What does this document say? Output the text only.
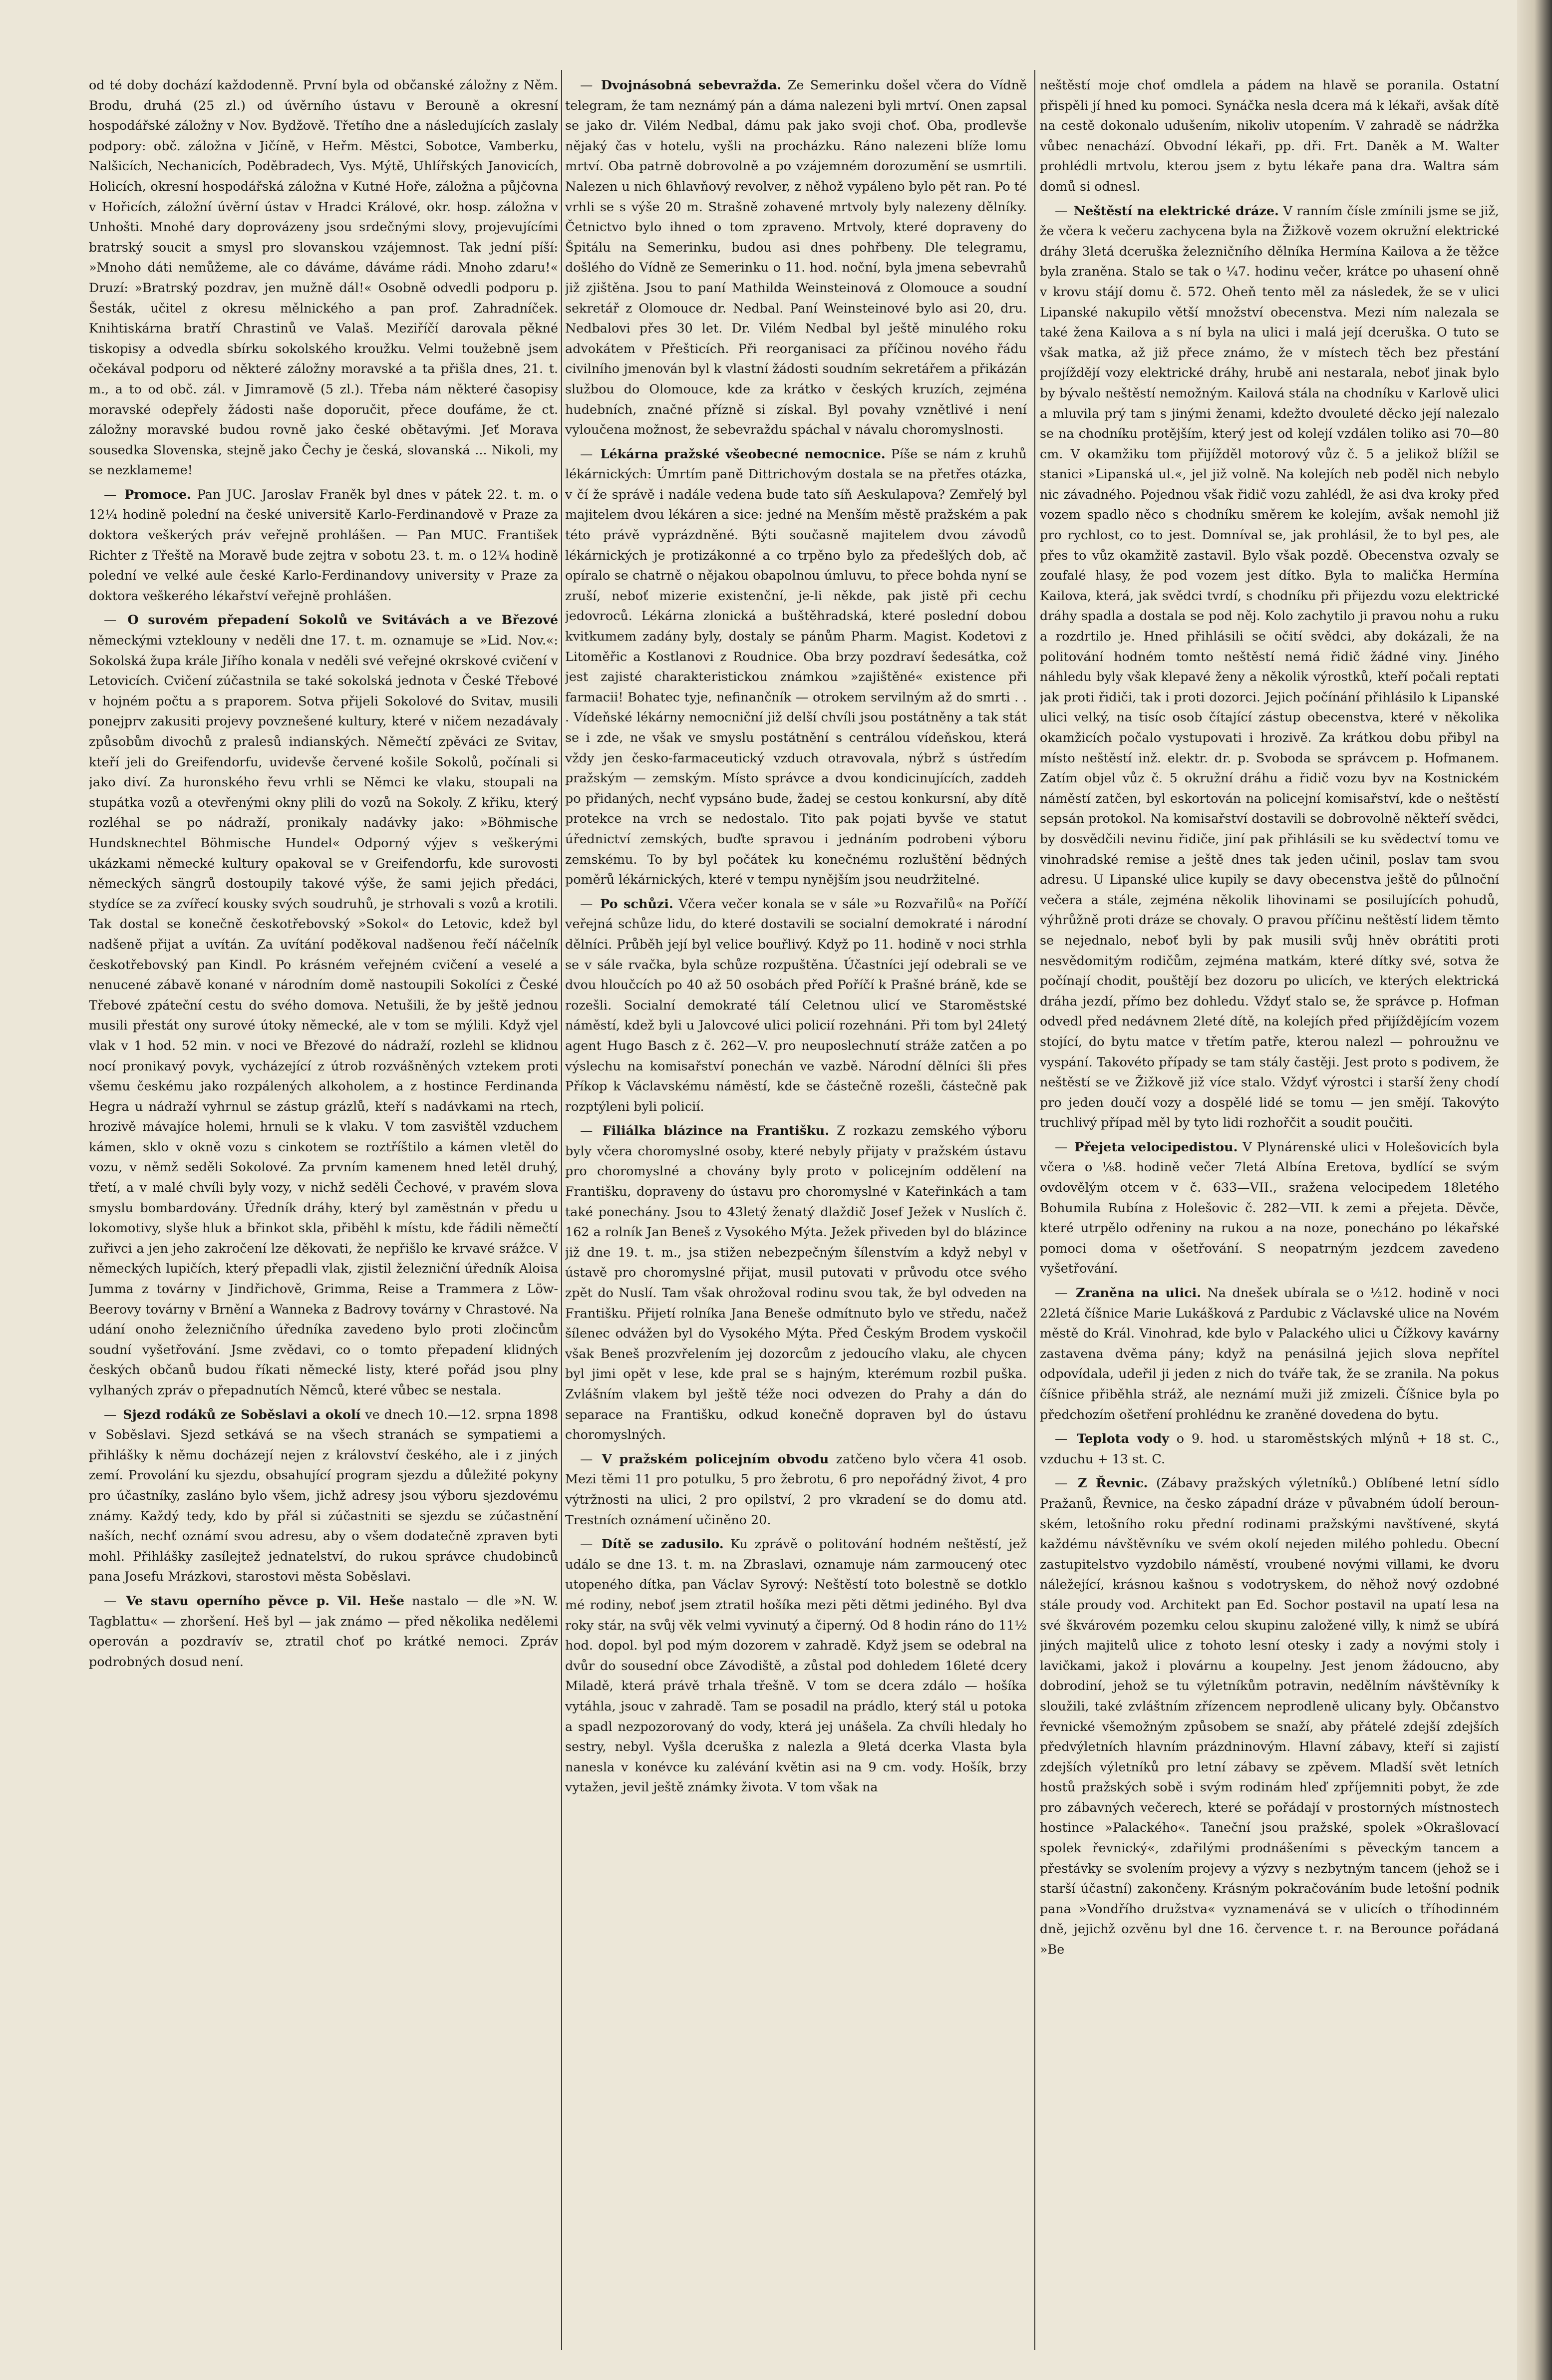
od té doby dochází každodenně. První byla od občanské záložny z Něm. Brodu, druhá (25 zl.) od úvěrního ústavu v Berouně a okresní hospodářské záložny v Nov. Bydžově. Třetího dne a následujících zaslaly podpory: obč. záložna v Jičíně, v Heřm. Městci, Sobotce, Vamberku, Nalšicích, Nechanicích, Poděbradech, Vys. Mýtě, Uhlířských Janovicích, Holicích, okresní hospodářská záložna v Kutné Hoře, záložna a půjčovna v Hořicích, záložní úvěrní ústav v Hradci Králové, okr. hosp. záložna v Unhošti. Mnohé dary doprovázeny jsou srdečnými slovy, projevujícími bratrský soucit a smysl pro slovanskou vzájemnost. Tak jední píší: »Mnoho dáti nemůžeme, ale co dáváme, dáváme rádi. Mnoho zdaru!« Druzí: »Bratrský pozdrav, jen mužně dál!« Osobně odvedli podporu p. Šesták, učitel z okresu mělnického a pan prof. Zahradníček. Knihtiskárna bratří Chrastinů ve Valaš. Meziříčí darovala pěkné tiskopisy a odvedla sbírku sokolského kroužku. Velmi toužebně jsem očekával podporu od některé záložny moravské a ta přišla dnes, 21. t. m., a to od obč. zál. v Jimramově (5 zl.). Třeba nám některé časopisy moravské odepřely žádosti naše doporučit, přece doufáme, že ct. záložny moravské budou rovně jako české obětavými. Jeť Morava sousedka Slovenska, stejně jako Čechy je česká, slovanská ... Nikoli, my se nezklameme!

— Promoce. Pan JUC. Jaroslav Franěk byl dnes v pátek 22. t. m. o 12¼ hodině polední na české universitě Karlo-Ferdinandově v Praze za doktora veškerých práv veřejně prohlášen. — Pan MUC. František Richter z Třeště na Moravě bude zejtra v sobotu 23. t. m. o 12¼ hodině polední ve velké aule české Karlo-Ferdinandovy university v Praze za doktora veškerého lékařství veřejně prohlášen.

— O surovém přepadení Sokolů ve Svitávách a ve Březové německými vzteklouny v neděli dne 17. t. m. oznamuje se »Lid. Nov.«: Sokolská župa krále Jiřího konala v neděli své veřejné okrskové cvičení v Letovicích. Cvičení zúčastnila se také sokolská jednota v České Třebové v hojném počtu a s praporem. Sotva přijeli Sokolové do Svitav, musili ponejprv zakusiti projevy povznešené kultury, které v ničem nezadávaly způsobům divochů z pralesů indianských. Němečtí zpěváci ze Svitav, kteří jeli do Greifendorfu, uvidevše červené košile Sokolů, počínali si jako diví. Za huronského řevu vrhli se Němci ke vlaku, stoupali na stupátka vozů a otevřenými okny plili do vozů na Sokoly. Z křiku, který rozléhal se po nádraží, pronikaly nadávky jako: »Böhmische Hundsknechtel Böhmische Hundel« Odporný výjev s veškerými ukázkami německé kultury opakoval se v Greifendorfu, kde surovosti německých sängrů dostoupily takové výše, že sami jejich předáci, stydíce se za zvířecí kousky svých soudruhů, je strhovali s vozů a krotili. Tak dostal se konečně českotřebovský »Sokol« do Letovic, kdež byl nadšeně přijat a uvítán. Za uvítání poděkoval nadšenou řečí náčelník českotřebovský pan Kindl. Po krásném veřejném cvičení a veselé a nenucené zábavě konané v národním domě nastoupili Sokolíci z České Třebové zpáteční cestu do svého domova. Netušili, že by ještě jednou musili přestát ony surové útoky německé, ale v tom se mýlili. Když vjel vlak v 1 hod. 52 min. v noci ve Březové do nádraží, rozlehl se klidnou nocí pronikavý povyk, vycházející z útrob rozvášněných vztekem proti všemu českému jako rozpálených alkoholem, a z hostince Ferdinanda Hegra u nádraží vyhrnul se zástup grázlů, kteří s nadávkami na rtech, hrozivě mávajíce holemi, hrnuli se k vlaku. V tom zasvištěl vzduchem kámen, sklo v okně vozu s cinkotem se roztříštilo a kámen vletěl do vozu, v němž seděli Sokolové. Za prvním kamenem hned letěl druhý, třetí, a v malé chvíli byly vozy, v nichž seděli Čechové, v pravém slova smyslu bombardovány. Úředník dráhy, který byl zaměstnán v předu u lokomotivy, slyše hluk a břinkot skla, přiběhl k místu, kde řádili němečtí zuřivci a jen jeho zakročení lze děkovati, že nepřišlo ke krvavé srážce. V německých lupičích, který přepadli vlak, zjistil železniční úředník Aloisa Jumma z továrny v Jindřichově, Grimma, Reise a Trammera z Löw-Beerovy továrny v Brnění a Wanneka z Badrovy továrny v Chrastové. Na udání onoho železničního úředníka zavedeno bylo proti zločincům soudní vyšetřování. Jsme zvědavi, co o tomto přepadení klidných českých občanů budou říkati německé listy, které pořád jsou plny vylhaných zpráv o přepadnutích Němců, které vůbec se nestala.

— Sjezd rodáků ze Soběslavi a okolí ve dnech 10.—12. srpna 1898 v Soběslavi. Sjezd setkává se na všech stranách se sympatiemi a přihlášky k němu docházejí nejen z království českého, ale i z jiných zemí. Provolání ku sjezdu, obsahující program sjezdu a důležité pokyny pro účastníky, zasláno bylo všem, jichž adresy jsou výboru sjezdovému známy. Každý tedy, kdo by přál si zúčastniti se sjezdu se zúčastnění naších, nechť oznámí svou adresu, aby o všem dodatečně zpraven byti mohl. Přihlášky zasílejtež jednatelství, do rukou správce chudobinců pana Josefu Mrázkovi, starostovi města Soběslavi.

— Ve stavu operního pěvce p. Vil. Heše nastalo — dle »N. W. Tagblattu« — zhoršení. Heš byl — jak známo — před několika nedělemi operován a pozdravív se, ztratil choť po krátké nemoci. Zpráv podrobných dosud není.

— Dvojnásobná sebevražda. Ze Semerinku došel včera do Vídně telegram, že tam neznámý pán a dáma nalezeni byli mrtví. Onen zapsal se jako dr. Vilém Nedbal, dámu pak jako svoji choť. Oba, prodlevše nějaký čas v hotelu, vyšli na procházku. Ráno nalezeni blíže lomu mrtví. Oba patrně dobrovolně a po vzájemném dorozumění se usmrtili. Nalezen u nich 6hlavňový revolver, z něhož vypáleno bylo pět ran. Po té vrhli se s výše 20 m. Strašně zohavené mrtvoly byly nalezeny dělníky. Četnictvo bylo ihned o tom zpraveno. Mrtvoly, které dopraveny do Špitálu na Semerinku, budou asi dnes pohřbeny. Dle telegramu, došlého do Vídně ze Semerinku o 11. hod. noční, byla jmena sebevrahů již zjištěna. Jsou to paní Mathilda Weinsteinová z Olomouce a soudní sekretář z Olomouce dr. Nedbal. Paní Weinsteinové bylo asi 20, dru. Nedbalovi přes 30 let. Dr. Vilém Nedbal byl ještě minulého roku advokátem v Přešticích. Při reorganisaci za příčinou nového řádu civilního jmenován byl k vlastní žádosti soudním sekretářem a přikázán službou do Olomouce, kde za krátko v českých kruzích, zejména hudebních, značné přízně si získal. Byl povahy vznětlivé i není vyloučena možnost, že sebevraždu spáchal v návalu choromyslnosti.

— Lékárna pražské všeobecné nemocnice. Píše se nám z kruhů lékárnických: Úmrtím paně Dittrichovým dostala se na přetřes otázka, v čí že správě i nadále vedena bude tato síň Aeskulapova? Zemřelý byl majitelem dvou lékáren a sice: jedné na Menším městě pražském a pak této právě vyprázdněné. Býti současně majitelem dvou závodů lékárnických je protizákonné a co trpěno bylo za předešlých dob, ač opíralo se chatrně o nějakou obapolnou úmluvu, to přece bohda nyní se zruší, neboť mizerie existenční, je-li někde, pak jistě při cechu jedovroců. Lékárna zlonická a buštěhradská, které poslední dobou kvitkumem zadány byly, dostaly se pánům Pharm. Magist. Kodetovi z Litoměřic a Kostlanovi z Roudnice. Oba brzy pozdraví šedesátka, což jest zajisté charakteristickou známkou »zajištěné« existence při farmacii! Bohatec tyje, nefinančník — otrokem servilným až do smrti . . . Vídeňské lékárny nemocniční již delší chvíli jsou postátněny a tak stát se i zde, ne však ve smyslu postátnění s centrálou vídeňskou, která vždy jen česko-farmaceutický vzduch otravovala, nýbrž s ústředím pražským — zemským. Místo správce a dvou kondicinujících, zaddeh po přidaných, nechť vypsáno bude, žadej se cestou konkursní, aby dítě protekce na vrch se nedostalo. Tito pak pojati byvše ve statut úřednictví zemských, buďte spravou i jednáním podrobeni výboru zemskému. To by byl počátek ku konečnému rozluštění bědných poměrů lékárnických, které v tempu nynějším jsou neudržitelné.

— Po schůzi. Včera večer konala se v sále »u Rozvařilů« na Poříčí veřejná schůze lidu, do které dostavili se socialní demokraté i národní dělníci. Průběh její byl velice bouřlivý. Když po 11. hodině v noci strhla se v sále rvačka, byla schůze rozpuštěna. Účastníci její odebrali se ve dvou hloučcích po 40 až 50 osobách před Poříčí k Prašné bráně, kde se rozešli. Socialní demokraté tálí Celetnou ulicí ve Staroměstské náměstí, kdež byli u Jalovcové ulici policií rozehnáni. Při tom byl 24letý agent Hugo Basch z č. 262—V. pro neuposlechnutí stráže zatčen a po výslechu na komisařství ponechán ve vazbě. Národní dělníci šli přes Příkop k Václavskému náměstí, kde se částečně rozešli, částečně pak rozptýleni byli policií.

— Filiálka blázince na Františku. Z rozkazu zemského výboru byly včera choromyslné osoby, které nebyly přijaty v pražském ústavu pro choromyslné a chovány byly proto v policejním oddělení na Františku, dopraveny do ústavu pro choromyslné v Kateřinkách a tam také ponechány. Jsou to 43letý ženatý dlaždič Josef Ježek v Nuslích č. 162 a rolník Jan Beneš z Vysokého Mýta. Ježek přiveden byl do blázince již dne 19. t. m., jsa stižen nebezpečným šílenstvím a když nebyl v ústavě pro choromyslné přijat, musil putovati v průvodu otce svého zpět do Nuslí. Tam však ohrožoval rodinu svou tak, že byl odveden na Františku. Přijetí rolníka Jana Beneše odmítnuto bylo ve středu, načež šílenec odvážen byl do Vysokého Mýta. Před Českým Brodem vyskočil však Beneš prozvřelením jej dozorcům z jedoucího vlaku, ale chycen byl jimi opět v lese, kde pral se s hajným, kterémum rozbil puška. Zvlášním vlakem byl ještě téže noci odvezen do Prahy a dán do separace na Františku, odkud konečně dopraven byl do ústavu choromyslných.

— V pražském policejním obvodu zatčeno bylo včera 41 osob. Mezi těmi 11 pro potulku, 5 pro žebrotu, 6 pro nepořádný život, 4 pro výtržnosti na ulici, 2 pro opilství, 2 pro vkradení se do domu atd. Trestních oznámení učiněno 20.

— Dítě se zadusilo. Ku zprávě o politování hodném neštěstí, jež událo se dne 13. t. m. na Zbraslavi, oznamuje nám zarmoucený otec utopeného dítka, pan Václav Syrový: Neštěstí toto bolestně se dotklo mé rodiny, neboť jsem ztratil hošíka mezi pěti dětmi jediného. Byl dva roky stár, na svůj věk velmi vyvinutý a čiperný. Od 8 hodin ráno do 11½ hod. dopol. byl pod mým dozorem v zahradě. Když jsem se odebral na dvůr do sousední obce Závodiště, a zůstal pod dohledem 16leté dcery Miladě, která právě trhala třešně. V tom se dcera zdálo — hošíka vytáhla, jsouc v zahradě. Tam se posadil na prádlo, který stál u potoka a spadl nezpozorovaný do vody, která jej unášela. Za chvíli hledaly ho sestry, nebyl. Vyšla dceruška z nalezla a 9letá dcerka Vlasta byla nanesla v konévce ku zalévání květin asi na 9 cm. vody. Hošík, brzy vytažen, jevil ještě známky života. V tom však na

neštěstí moje choť omdlela a pádem na hlavě se poranila. Ostatní přispěli jí hned ku pomoci. Synáčka nesla dcera má k lékaři, avšak dítě na cestě dokonalo udušením, nikoliv utopením. V zahradě se nádržka vůbec nenachází. Obvodní lékaři, pp. dři. Frt. Daněk a M. Walter prohlédli mrtvolu, kterou jsem z bytu lékaře pana dra. Waltra sám domů si odnesl.

— Neštěstí na elektrické dráze. V ranním čísle zmínili jsme se již, že včera k večeru zachycena byla na Žižkově vozem okružní elektrické dráhy 3letá dceruška železničního dělníka Hermína Kailova a že těžce byla zraněna. Stalo se tak o ¼7. hodinu večer, krátce po uhasení ohně v krovu stájí domu č. 572. Oheň tento měl za následek, že se v ulici Lipanské nakupilo větší množství obecenstva. Mezi ním nalezala se také žena Kailova a s ní byla na ulici i malá její dceruška. O tuto se však matka, až již přece známo, že v místech těch bez přestání projíždějí vozy elektrické dráhy, hrubě ani nestarala, neboť jinak bylo by bývalo neštěstí nemožným. Kailová stála na chodníku v Karlově ulici a mluvila prý tam s jinými ženami, kdežto dvouleté děcko její nalezalo se na chodníku protějším, který jest od kolejí vzdálen toliko asi 70—80 cm. V okamžiku tom přijížděl motorový vůz č. 5 a jelikož blížil se stanici »Lipanská ul.«, jel již volně. Na kolejích neb poděl nich nebylo nic závadného. Pojednou však řidič vozu zahlédl, že asi dva kroky před vozem spadlo něco s chodníku směrem ke kolejím, avšak nemohl již pro rychlost, co to jest. Domníval se, jak prohlásil, že to byl pes, ale přes to vůz okamžitě zastavil. Bylo však pozdě. Obecenstva ozvaly se zoufalé hlasy, že pod vozem jest dítko. Byla to malička Hermína Kailova, která, jak svědci tvrdí, s chodníku při přijezdu vozu elektrické dráhy spadla a dostala se pod něj. Kolo zachytilo ji pravou nohu a ruku a rozdrtilo je. Hned přihlásili se očití svědci, aby dokázali, že na politování hodném tomto neštěstí nemá řidič žádné viny. Jiného náhledu byly však klepavé ženy a několik výrostků, kteří počali reptati jak proti řidiči, tak i proti dozorci. Jejich počínání přihlásilo k Lipanské ulici velký, na tisíc osob čítající zástup obecenstva, které v několika okamžicích počalo vystupovati i hrozivě. Za krátkou dobu přibyl na místo neštěstí inž. elektr. dr. p. Svoboda se správcem p. Hofmanem. Zatím objel vůz č. 5 okružní dráhu a řidič vozu byv na Kostnickém náměstí zatčen, byl eskortován na policejní komisařství, kde o neštěstí sepsán protokol. Na komisařství dostavili se dobrovolně někteří svědci, by dosvědčili nevinu řidiče, jiní pak přihlásili se ku svědectví tomu ve vinohradské remise a ještě dnes tak jeden učinil, poslav tam svou adresu. U Lipanské ulice kupily se davy obecenstva ještě do půlnoční večera a stále, zejména několik lihovinami se posilujících pohudů, výhrůžně proti dráze se chovaly. O pravou příčinu neštěstí lidem těmto se nejednalo, neboť byli by pak musili svůj hněv obrátiti proti nesvědomitým rodičům, zejména matkám, které dítky své, sotva že počínají chodit, pouštějí bez dozoru po ulicích, ve kterých elektrická dráha jezdí, přímo bez dohledu. Vždyť stalo se, že správce p. Hofman odvedl před nedávnem 2leté dítě, na kolejích před přijíždějícím vozem stojící, do bytu matce v třetím patře, kterou nalezl — pohroužnu ve vyspání. Takovéto případy se tam stály častěji. Jest proto s podivem, že neštěstí se ve Žižkově již více stalo. Vždyť výrostci i starší ženy chodí pro jeden doučí vozy a dospělé lidé se tomu — jen smějí. Takovýto truchlivý případ měl by tyto lidi rozhořčit a soudit poučiti.

— Přejeta velocipedistou. V Plynárenské ulici v Holešovicích byla včera o ⅛8. hodině večer 7letá Albína Eretova, bydlící se svým ovdovělým otcem v č. 633—VII., sražena velocipedem 18letého Bohumila Rubína z Holešovic č. 282—VII. k zemi a přejeta. Děvče, které utrpělo odřeniny na rukou a na noze, ponecháno po lékařské pomoci doma v ošetřování. S neopatrným jezdcem zavedeno vyšetřování.

— Zraněna na ulici. Na dnešek ubírala se o ½12. hodině v noci 22letá číšnice Marie Lukášková z Pardubic z Václavské ulice na Novém městě do Král. Vinohrad, kde bylo v Palackého ulici u Čížkovy kavárny zastavena dvěma pány; když na penásilná jejich slova nepřítel odpovídala, udeřil ji jeden z nich do tváře tak, že se zranila. Na pokus číšnice přiběhla stráž, ale neznámí muži již zmizeli. Číšnice byla po předchozím ošetření prohlédnu ke zraněné dovedena do bytu.

— Teplota vody o 9. hod. u staroměstských mlýnů + 18 st. C., vzduchu + 13 st. C.

— Z Řevnic. (Zábavy pražských výletníků.) Oblíbené letní sídlo Pražanů, Řevnice, na česko západní dráze v půvabném údolí berounském, letošního roku přední rodinami pražskými navštívené, skytá každému návštěvníku ve svém okolí nejeden milého pohledu. Obecní zastupitelstvo vyzdobilo náměstí, vroubené novými villami, ke dvoru náležející, krásnou kašnou s vodotryskem, do něhož nový ozdobné stále proudy vod. Architekt pan Ed. Sochor postavil na upatí lesa na své škvárovém pozemku celou skupinu založené villy, k nimž se ubírá jiných majitelů ulice z tohoto lesní otesky i zady a novými stoly i lavičkami, jakož i plovárnu a koupelny. Jest jenom žádoucno, aby dobrodiní, jehož se tu výletníkům potravin, nedělním návštěvníky k sloužili, také zvláštním zřízencem neprodleně ulicany byly. Občanstvo řevnické všemožným způsobem se snaží, aby přátelé zdejší zdejších předvýletních hlavním prázdninovým. Hlavní zábavy, kteří si zajistí zdejších výletníků pro letní zábavy se zpěvem. Mladší svět letních hostů pražských sobě i svým rodinám hleď zpříjemniti pobyt, že zde pro zábavných večerech, které se pořádají v prostorných místnostech hostince »Palackého«. Taneční jsou pražské, spolek »Okrašlovací spolek řevnický«, zdařilými prodnášeními s pěveckým tancem a přestávky se svolením projevy a výzvy s nezbytným tancem (jehož se i starší účastní) zakončeny. Krásným pokračováním bude letošní podnik pana »Vondřího družstva« vyznamenává se v ulicích o tříhodinném dně, jejichž ozvěnu byl dne 16. července t. r. na Berounce pořádaná »Be
